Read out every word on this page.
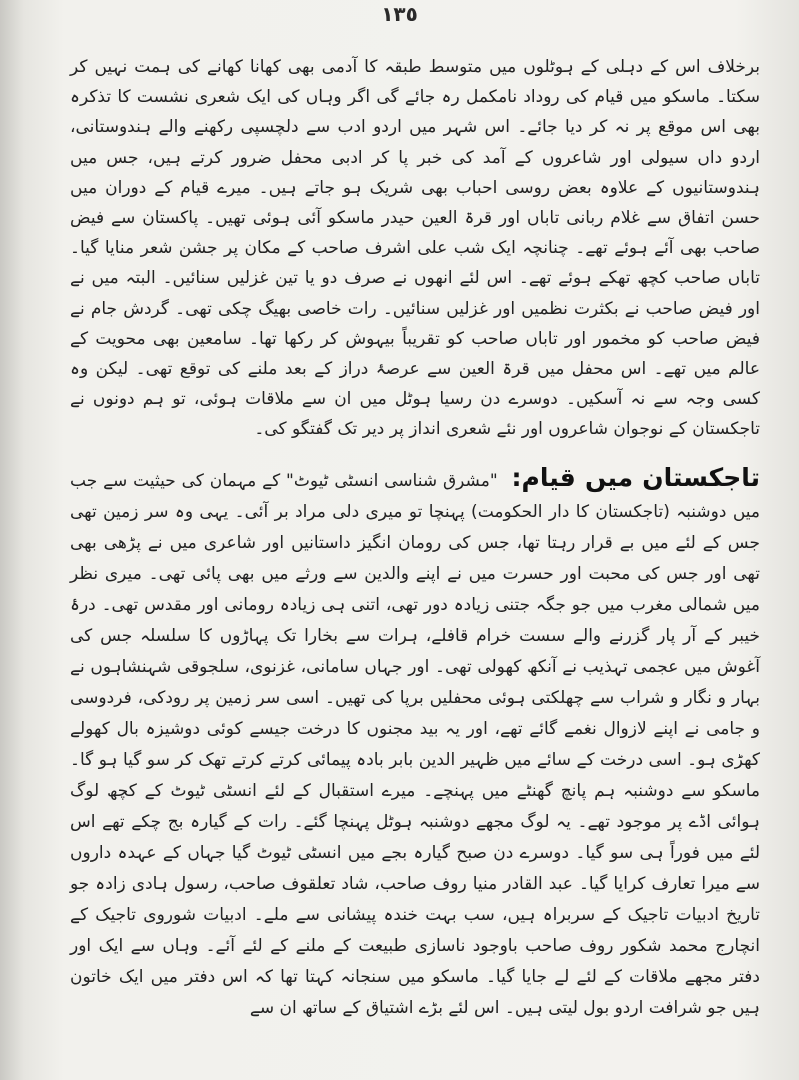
١٣٥
برخلاف اس کے دہلی کے ہوٹلوں میں متوسط طبقہ کا آدمی بھی کھانا کھانے کی ہمت نہیں کر سکتا۔ ماسکو میں قیام کی روداد نامکمل رہ جائے گی اگر وہاں کی ایک شعری نشست کا تذکرہ بھی اس موقع پر نہ کر دیا جائے۔ اس شہر میں اردو ادب سے دلچسپی رکھنے والے ہندوستانی، اردو داں سیولی اور شاعروں کے آمد کی خبر پا کر ادبی محفل ضرور کرتے ہیں، جس میں ہندوستانیوں کے علاوہ بعض روسی احباب بھی شریک ہو جاتے ہیں۔ میرے قیام کے دوران میں حسن اتفاق سے غلام ربانی تاباں اور قرۃ العین حیدر ماسکو آئی ہوئی تھیں۔ پاکستان سے فیض صاحب بھی آئے ہوئے تھے۔ چنانچہ ایک شب علی اشرف صاحب کے مکان پر جشن شعر منایا گیا۔ تاباں صاحب کچھ تھکے ہوئے تھے۔ اس لئے انھوں نے صرف دو یا تین غزلیں سنائیں۔ البتہ میں نے اور فیض صاحب نے بکثرت نظمیں اور غزلیں سنائیں۔ رات خاصی بھیگ چکی تھی۔ گردش جام نے فیض صاحب کو مخمور اور تاباں صاحب کو تقریباً بیہوش کر رکھا تھا۔ سامعین بھی محویت کے عالم میں تھے۔ اس محفل میں قرۃ العین سے عرصۂ دراز کے بعد ملنے کی توقع تھی۔ لیکن وہ کسی وجہ سے نہ آسکیں۔ دوسرے دن رسیا ہوٹل میں ان سے ملاقات ہوئی، تو ہم دونوں نے تاجکستان کے نوجوان شاعروں اور نئے شعری انداز پر دیر تک گفتگو کی۔
تاجکستان میں قیام: "مشرق شناسی انسٹی ٹیوٹ" کے مہمان کی حیثیت سے جب میں دوشنبہ (تاجکستان کا دار الحکومت) پہنچا تو میری دلی مراد بر آئی۔ یہی وہ سر زمین تھی جس کے لئے میں بے قرار رہتا تھا، جس کی رومان انگیز داستانیں اور شاعری میں نے پڑھی بھی تھی اور جس کی محبت اور حسرت میں نے اپنے والدین سے ورثے میں بھی پائی تھی۔ میری نظر میں شمالی مغرب میں جو جگہ جتنی زیادہ دور تھی، اتنی ہی زیادہ رومانی اور مقدس تھی۔ درۂ خیبر کے آر پار گزرنے والے سست خرام قافلے، ہرات سے بخارا تک پہاڑوں کا سلسلہ جس کی آغوش میں عجمی تہذیب نے آنکھ کھولی تھی۔ اور جہاں سامانی، غزنوی، سلجوقی شہنشاہوں نے بہار و نگار و شراب سے چھلکتی ہوئی محفلیں برپا کی تھیں۔ اسی سر زمین پر رودکی، فردوسی و جامی نے اپنے لازوال نغمے گائے تھے، اور یہ بید مجنوں کا درخت جیسے کوئی دوشیزہ بال کھولے کھڑی ہو۔ اسی درخت کے سائے میں ظہیر الدین بابر بادہ پیمائی کرتے کرتے تھک کر سو گیا ہو گا۔ ماسکو سے دوشنبہ ہم پانچ گھنٹے میں پہنچے۔ میرے استقبال کے لئے انسٹی ٹیوٹ کے کچھ لوگ ہوائی اڈے پر موجود تھے۔ یہ لوگ مجھے دوشنبہ ہوٹل پہنچا گئے۔ رات کے گیارہ بج چکے تھے اس لئے میں فوراً ہی سو گیا۔ دوسرے دن صبح گیارہ بجے میں انسٹی ٹیوٹ گیا جہاں کے عہدہ داروں سے میرا تعارف کرایا گیا۔ عبد القادر منیا روف صاحب، شاد تعلقوف صاحب، رسول ہادی زادہ جو تاریخ ادبیات تاجیک کے سربراہ ہیں، سب بہت خندہ پیشانی سے ملے۔ ادبیات شوروی تاجیک کے انچارج محمد شکور روف صاحب باوجود ناسازی طبیعت کے ملنے کے لئے آئے۔ وہاں سے ایک اور دفتر مجھے ملاقات کے لئے لے جایا گیا۔ ماسکو میں سنجانہ کہتا تھا کہ اس دفتر میں ایک خاتون ہیں جو شرافت اردو بول لیتی ہیں۔ اس لئے بڑے اشتیاق کے ساتھ ان سے
